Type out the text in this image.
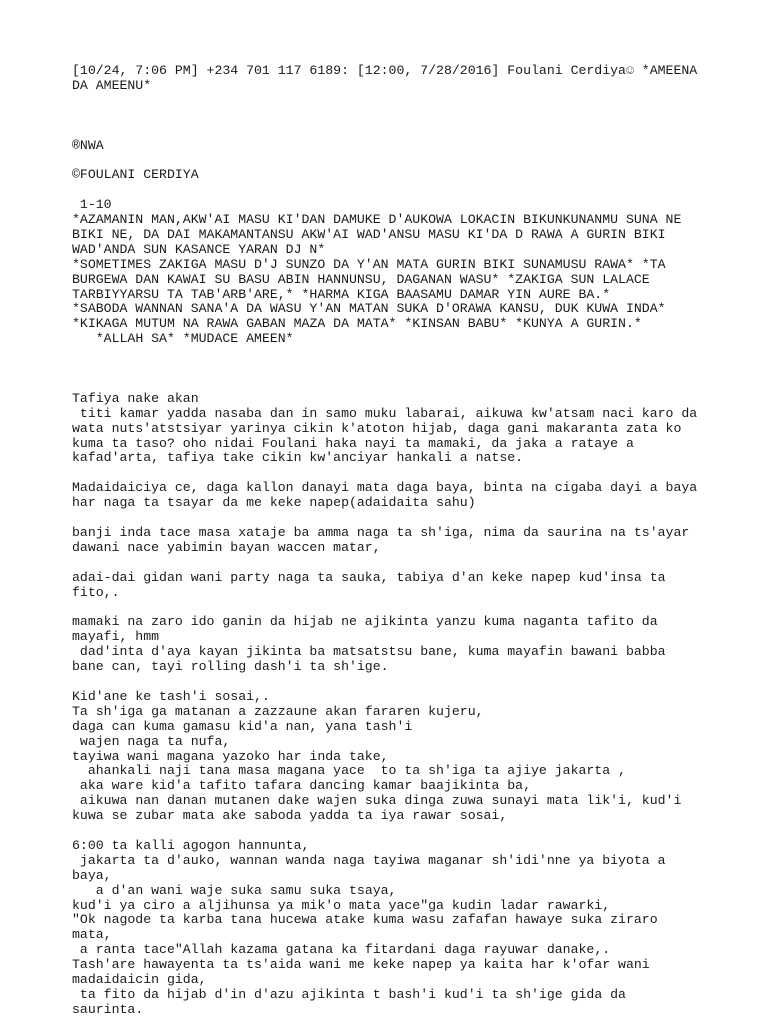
[10/24, 7:06 PM] +234 701 117 6189: [12:00, 7/28/2016] Foulani Cerdiya☺ *AMEENA DA AMEENU*

®NWA

©FOULANI CERDIYA

1-10

*AZAMANIN MAN,AKW'AI MASU KI'DAN DAMUKE D'AUKOWA LOKACIN BIKUNKUNANMU SUNA NE BIKI NE, DA DAI MAKAMANTANSU AKW'AI WAD'ANSU MASU KI'DA D RAWA A GURIN BIKI WAD'ANDA SUN KASANCE YARAN DJ N*
*SOMETIMES ZAKIGA MASU D'J SUNZO DA Y'AN MATA GURIN BIKI SUNAMUSU RAWA* *TA BURGEWA DAN KAWAI SU BASU ABIN HANNUNSU, DAGANAN WASU* *ZAKIGA SUN LALACE TARBIYYARSU TA TAB'ARB'ARE,* *HARMA KIGA BAASAMU DAMAR YIN AURE BA.*
*SABODA WANNAN SANA'A DA WASU Y'AN MATAN SUKA D'ORAWA KANSU, DUK KUWA INDA* *KIKAGA MUTUM NA RAWA GABAN MAZA DA MATA* *KINSAN BABU* *KUNYA A GURIN.*
*ALLAH SA* *MUDACE AMEEN*

Tafiya nake akan
titi kamar yadda nasaba dan in samo muku labarai, aikuwa kw'atsam naci karo da wata nuts'atstsiyar yarinya cikin k'atoton hijab, daga gani makaranta zata ko kuma ta taso? oho nidai Foulani haka nayi ta mamaki, da jaka a rataye a kafad'arta, tafiya take cikin kw'anciyar hankali a natse.

Madaidaiciya ce, daga kallon danayi mata daga baya, binta na cigaba dayi a baya har naga ta tsayar da me keke napep(adaidaita sahu)

banji inda tace masa xataje ba amma naga ta sh'iga, nima da saurina na ts'ayar dawani nace yabimin bayan waccen matar,

adai-dai gidan wani party naga ta sauka, tabiya d'an keke napep kud'insa ta fito,.

mamaki na zaro ido ganin da hijab ne ajikinta yanzu kuma naganta tafito da mayafi, hmm
dad'inta d'aya kayan jikinta ba matsatstsu bane, kuma mayafin bawani babba bane can, tayi rolling dash'i ta sh'ige.

Kid'ane ke tash'i sosai,.
Ta sh'iga ga matanan a zazzaune akan fararen kujeru,
daga can kuma gamasu kid'a nan, yana tash'i
wajen naga ta nufa,
tayiwa wani magana yazoko har inda take,
ahankali naji tana masa magana yace  to ta sh'iga ta ajiye jakarta ,
aka ware kid'a tafito tafara dancing kamar baajikinta ba,
aikuwa nan danan mutanen dake wajen suka dinga zuwa sunayi mata lik'i, kud'i kuwa se zubar mata ake saboda yadda ta iya rawar sosai,

6:00 ta kalli agogon hannunta,
jakarta ta d'auko, wannan wanda naga tayiwa maganar sh'idi'nne ya biyota a baya,
a d'an wani waje suka samu suka tsaya,
kud'i ya ciro a aljihunsa ya mik'o mata yace"ga kudin ladar rawarki,
"Ok nagode ta karba tana hucewa atake kuma wasu zafafan hawaye suka ziraro mata,
a ranta tace"Allah kazama gatana ka fitardani daga rayuwar danake,.
Tash'are hawayenta ta ts'aida wani me keke napep ya kaita har k'ofar wani madaidaicin gida,
ta fito da hijab d'in d'azu ajikinta t bash'i kud'i ta sh'ige gida da saurinta.
